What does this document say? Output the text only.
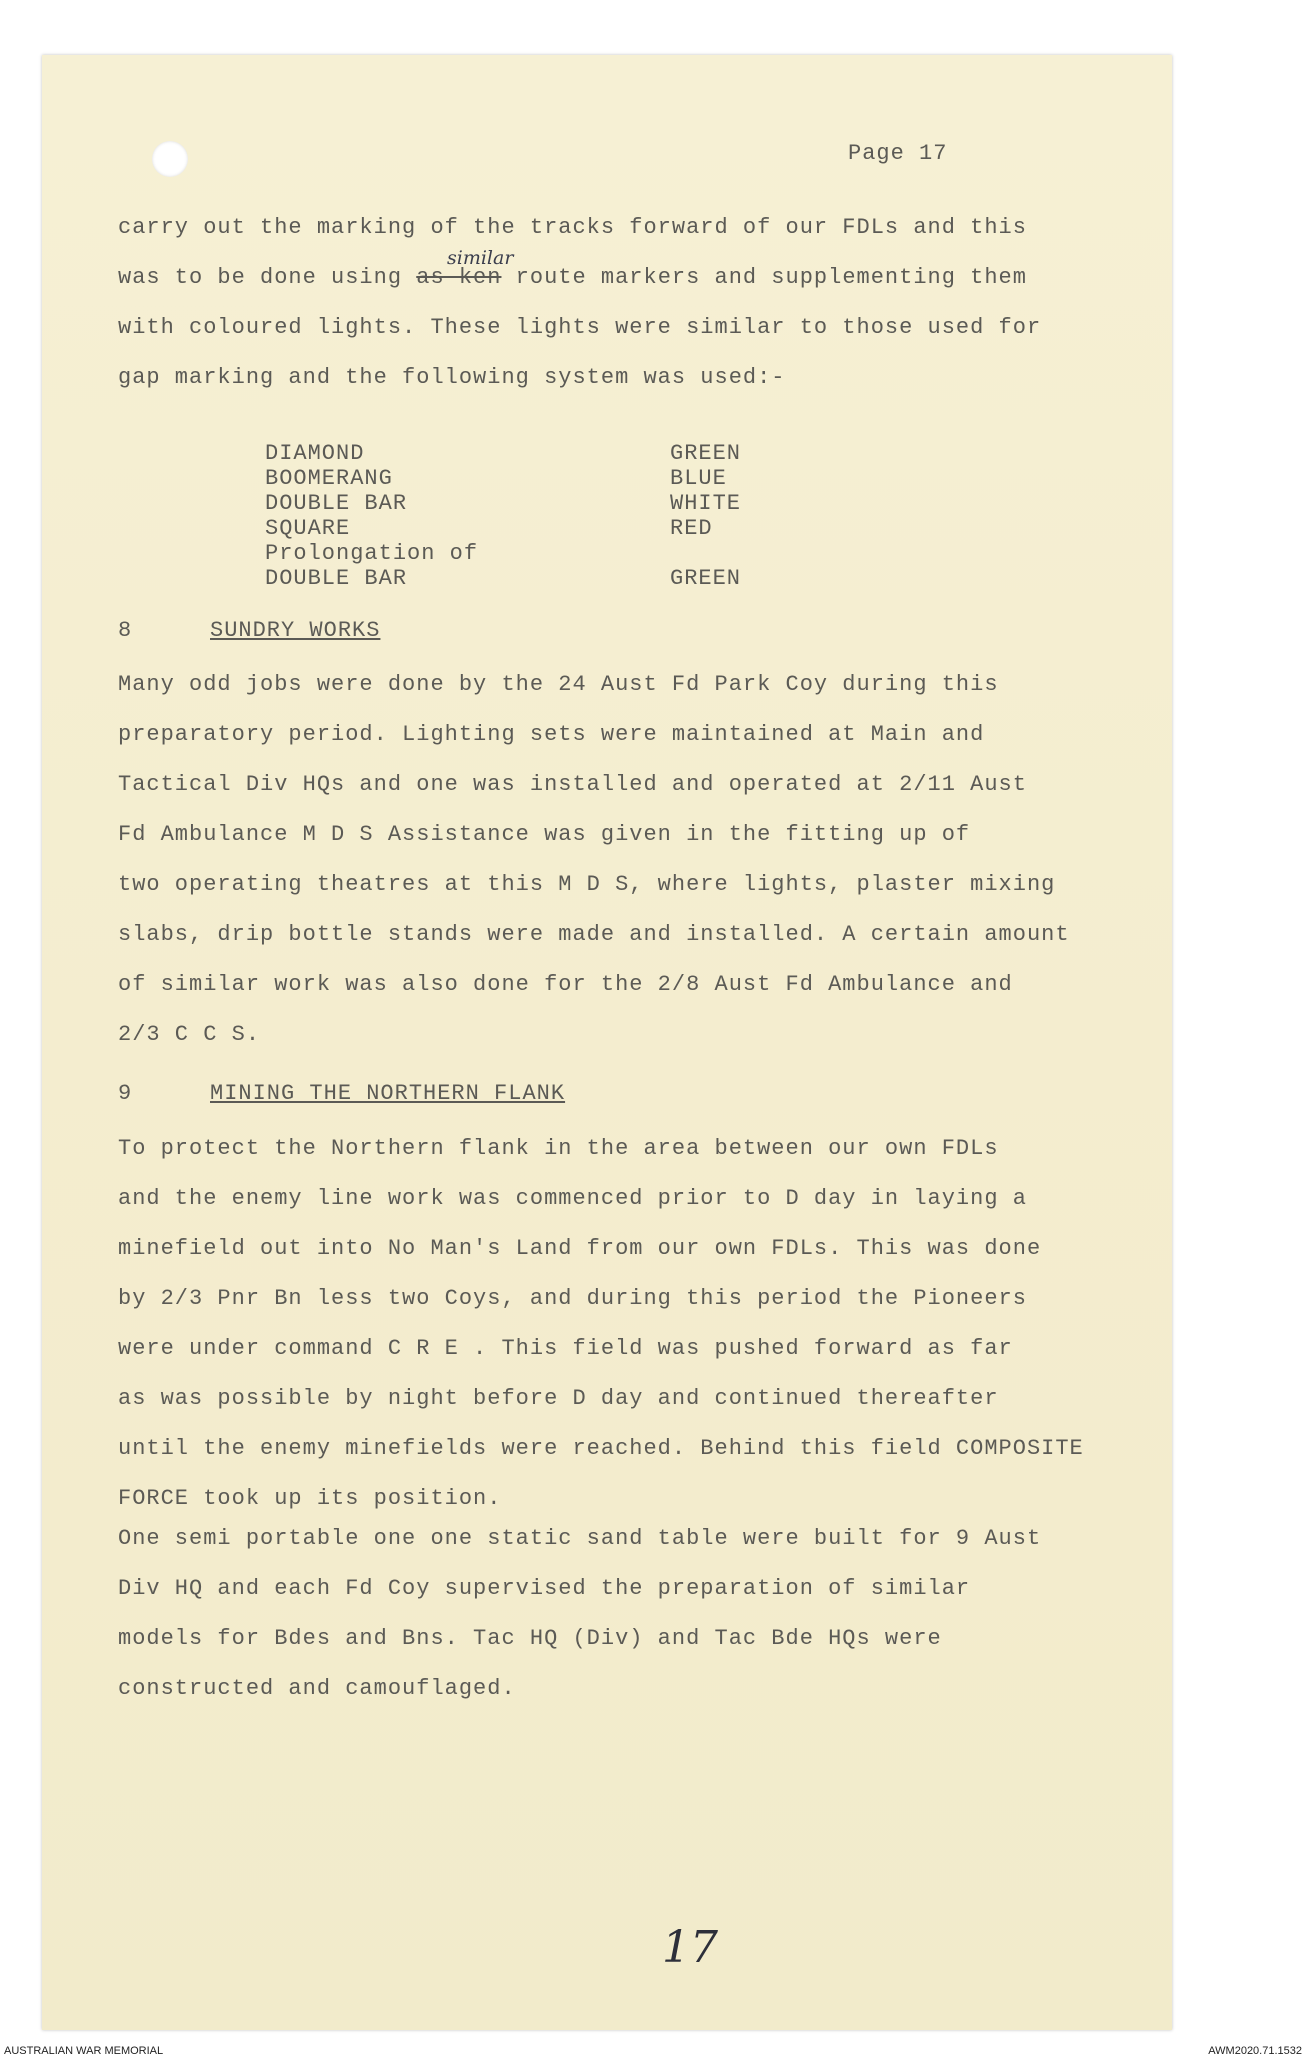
Page 17

carry out the marking of the tracks forward of our FDLs and this

was to be done using as ken route markers and supplementing them

with coloured lights. These lights were similar to those used for

gap marking and the following system was used:-

similar
DIAMOND	GREEN
BOOMERANG	BLUE
DOUBLE BAR	WHITE
SQUARE	RED
Prolongation of
DOUBLE BAR	GREEN
8	SUNDRY WORKS

Many odd jobs were done by the 24 Aust Fd Park Coy during this

preparatory period. Lighting sets were maintained at Main and

Tactical Div HQs and one was installed and operated at 2/11 Aust

Fd Ambulance M D S Assistance was given in the fitting up of

two operating theatres at this M D S, where lights, plaster mixing

slabs, drip bottle stands were made and installed. A certain amount

of similar work was also done for the 2/8 Aust Fd Ambulance and

2/3 C C S.

9	MINING THE NORTHERN FLANK

To protect the Northern flank in the area between our own FDLs

and the enemy line work was commenced prior to D day in laying a

minefield out into No Man's Land from our own FDLs. This was done

by 2/3 Pnr Bn less two Coys, and during this period the Pioneers

were under command C R E . This field was pushed forward as far

as was possible by night before D day and continued thereafter

until the enemy minefields were reached. Behind this field COMPOSITE

FORCE took up its position.

One semi portable one one static sand table were built for 9 Aust

Div HQ and each Fd Coy supervised the preparation of similar

models for Bdes and Bns. Tac HQ (Div) and Tac Bde HQs were

constructed and camouflaged.

17
AUSTRALIAN WAR MEMORIAL	AWM2020.71.1532
